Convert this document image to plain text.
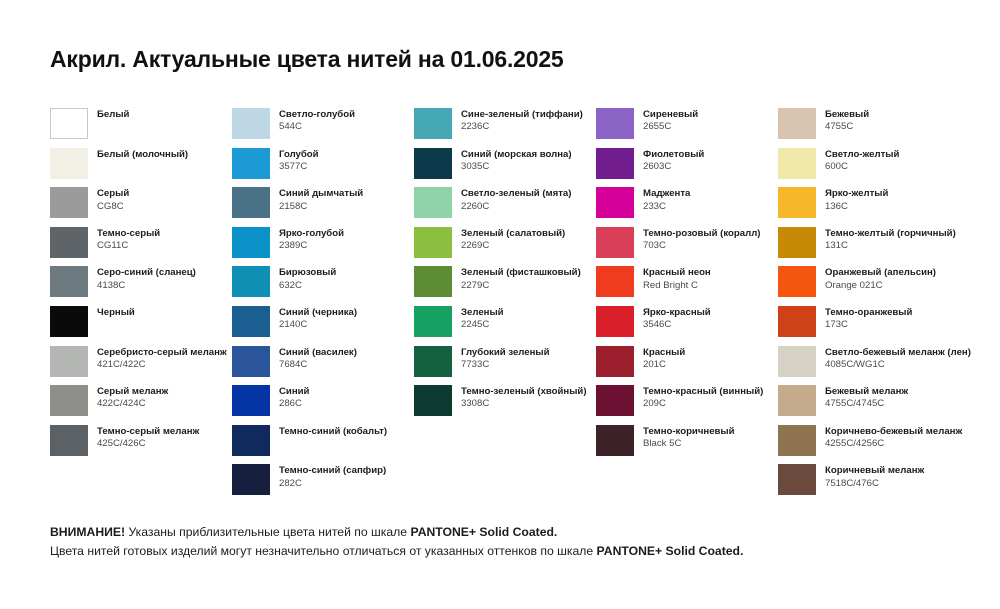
Акрил. Актуальные цвета нитей на 01.06.2025
Белый
Белый (молочный)
Серый
CG8C
Темно-серый
CG11C
Серо-синий (сланец)
4138C
Черный
Серебристо-серый меланж
421C/422C
Серый меланж
422C/424C
Темно-серый меланж
425C/426C
Светло-голубой
544C
Голубой
3577C
Синий дымчатый
2158C
Ярко-голубой
2389C
Бирюзовый
632C
Синий (черника)
2140C
Синий (василек)
7684C
Синий
286C
Темно-синий (кобальт)
Темно-синий (сапфир)
282C
Сине-зеленый (тиффани)
2236C
Синий (морская волна)
3035C
Светло-зеленый (мята)
2260C
Зеленый (салатовый)
2269C
Зеленый (фисташковый)
2279C
Зеленый
2245C
Глубокий зеленый
7733C
Темно-зеленый (хвойный)
3308C
Сиреневый
2655C
Фиолетовый
2603C
Маджента
233C
Темно-розовый (коралл)
703C
Красный неон
Red Bright C
Ярко-красный
3546C
Красный
201C
Темно-красный (винный)
209C
Темно-коричневый
Black 5C
Бежевый
4755C
Светло-желтый
600C
Ярко-желтый
136C
Темно-желтый (горчичный)
131C
Оранжевый (апельсин)
Orange 021C
Темно-оранжевый
173C
Светло-бежевый меланж (лен)
4085C/WG1C
Бежевый меланж
4755C/4745C
Коричнево-бежевый меланж
4255C/4256C
Коричневый меланж
7518C/476C
ВНИМАНИЕ! Указаны приблизительные цвета нитей по шкале PANTONE+ Solid Coated.
Цвета нитей готовых изделий могут незначительно отличаться от указанных оттенков по шкале PANTONE+ Solid Coated.
